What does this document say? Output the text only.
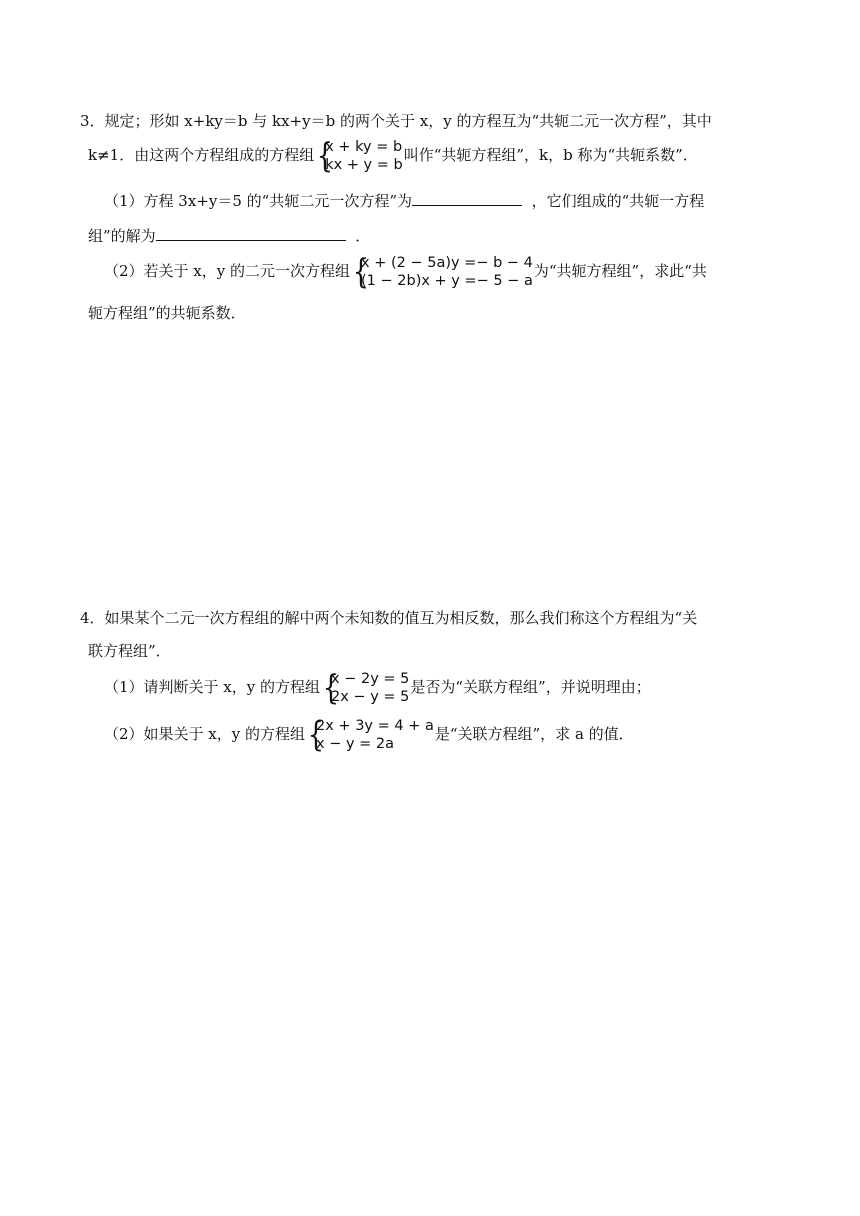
3．规定；形如 x+ky＝b 与 kx+y＝b 的两个关于 x，y 的方程互为“共轭二元一次方程”，其中
k≠1．由这两个方程组成的方程组 {
x + ky = b
kx + y = b
叫作“共轭方程组”，k，b 称为“共轭系数”．
（1）方程 3x+y＝5 的“共轭二元一次方程”为	，它们组成的“共轭一方程
组”的解为	．
（2）若关于 x，y 的二元一次方程组 {
x + (2 − 5a)y =− b − 4
(1 − 2b)x + y =− 5 − a
为“共轭方程组”，求此“共
轭方程组”的共轭系数．
4．如果某个二元一次方程组的解中两个未知数的值互为相反数，那么我们称这个方程组为“关
联方程组”．
（1）请判断关于 x，y 的方程组 {
x − 2y = 5
2x − y = 5
是否为“关联方程组”，并说明理由；
（2）如果关于 x，y 的方程组 {
2x + 3y = 4 + a
x − y = 2a
是“关联方程组”，求 a 的值．
